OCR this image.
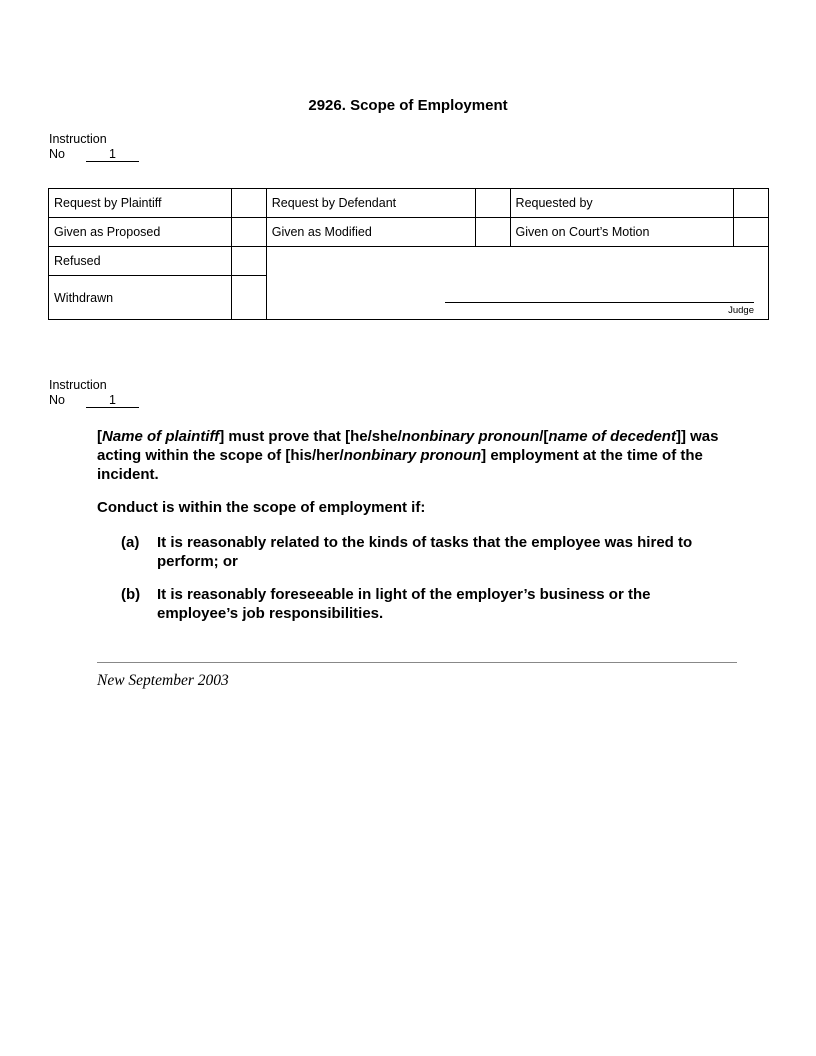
2926. Scope of Employment
Instruction
No	1
Request by Plaintiff		Request by Defendant		Requested by	
Given as Proposed		Given as Modified		Given on Court’s Motion	
Refused		Judge			

Withdrawn					
Instruction
No	1
[Name of plaintiff] must prove that [he/she/nonbinary pronoun/[name of decedent]] was acting within the scope of [his/her/nonbinary pronoun] employment at the time of the incident.
Conduct is within the scope of employment if:
(a)	It is reasonably related to the kinds of tasks that the employee was hired to perform; or
(b)	It is reasonably foreseeable in light of the employer’s business or the employee’s job responsibilities.
New September 2003
